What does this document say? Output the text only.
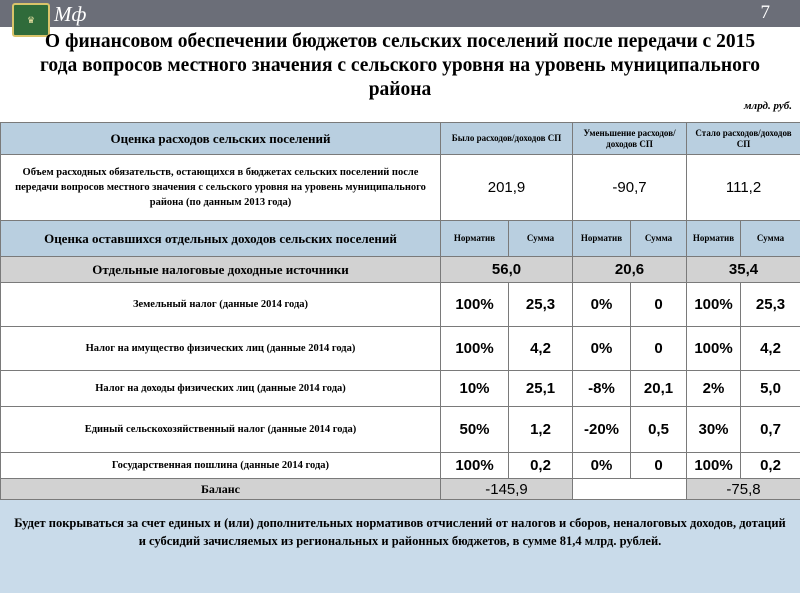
♛ Мф	7
О финансовом обеспечении бюджетов сельских поселений после передачи с 2015 года вопросов местного значения с сельского уровня на уровень муниципального района
млрд. руб.
Оценка расходов сельских поселений	Было расходов/доходов СП		Уменьшение расходов/доходов СП		Стало расходов/доходов СП	
Объем расходных обязательств, остающихся в бюджетах сельских поселений после передачи вопросов местного значения с сельского уровня на уровень муниципального района (по данным 2013 года)	201,9		-90,7		111,2	
Оценка оставшихся отдельных доходов сельских поселений	Норматив	Сумма	Норматив	Сумма	Норматив	Сумма
Отдельные налоговые доходные источники	56,0		20,6		35,4	
Земельный налог (данные 2014 года)	100%	25,3	0%	0	100%	25,3
Налог на имущество физических лиц (данные 2014 года)	100%	4,2	0%	0	100%	4,2
Налог на доходы физических лиц (данные 2014 года)	10%	25,1	-8%	20,1	2%	5,0
Единый сельскохозяйственный налог (данные 2014 года)	50%	1,2	-20%	0,5	30%	0,7
Государственная пошлина (данные 2014 года)	100%	0,2	0%	0	100%	0,2
Баланс	-145,9				-75,8	
Будет покрываться за счет единых и (или) дополнительных нормативов отчислений от налогов и сборов, неналоговых доходов, дотаций и субсидий зачисляемых из региональных и районных бюджетов, в сумме 81,4 млрд. рублей.
